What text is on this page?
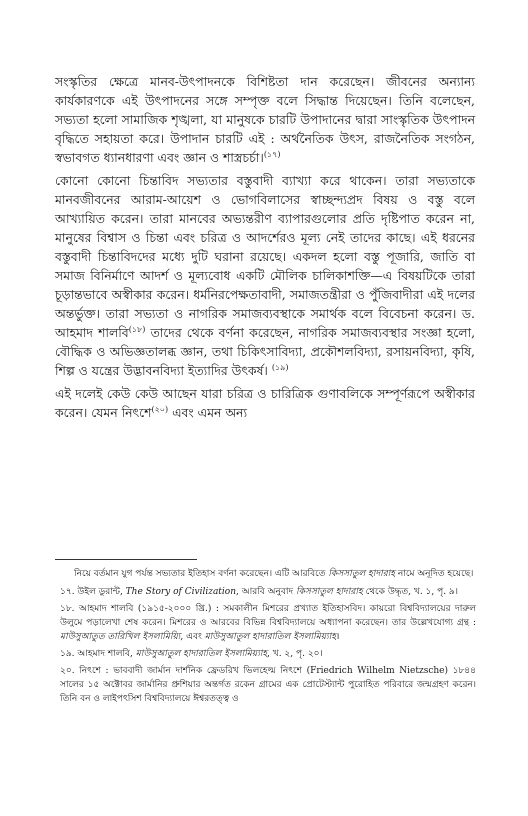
সংস্কৃতির ক্ষেত্রে মানব-উৎপাদনকে বিশিষ্টতা দান করেছেন। জীবনের অন্যান্য কার্যকারণকে এই উৎপাদনের সঙ্গে সম্পৃক্ত বলে সিদ্ধান্ত দিয়েছেন। তিনি বলেছেন, সভ্যতা হলো সামাজিক শৃঙ্খলা, যা মানুষকে চারটি উপাদানের দ্বারা সাংস্কৃতিক উৎপাদন বৃদ্ধিতে সহায়তা করে। উপাদান চারটি এই : অর্থনৈতিক উৎস, রাজনৈতিক সংগঠন, স্বভাবগত ধ্যানধারণা এবং জ্ঞান ও শাস্ত্রচর্চা।$^{(১৭)}$

কোনো কোনো চিন্তাবিদ সভ্যতার বস্তুবাদী ব্যাখ্যা করে থাকেন। তারা সভ্যতাকে মানবজীবনের আরাম-আয়েশ ও ভোগবিলাসের স্বাচ্ছন্দ্যপ্রদ বিষয় ও বস্তু বলে আখ্যায়িত করেন। তারা মানবের অভ্যন্তরীণ ব্যাপারগুলোর প্রতি দৃষ্টিপাত করেন না, মানুষের বিশ্বাস ও চিন্তা এবং চরিত্র ও আদর্শেরও মূল্য নেই তাদের কাছে। এই ধরনের বস্তুবাদী চিন্তাবিদদের মধ্যে দুটি ঘরানা রয়েছে। একদল হলো বস্তু পূজারি, জাতি বা সমাজ বিনির্মাণে আদর্শ ও মূল্যবোধ একটি মৌলিক চালিকাশক্তি—এ বিষয়টিকে তারা চূড়ান্তভাবে অস্বীকার করেন। ধর্মনিরপেক্ষতাবাদী, সমাজতন্ত্রীরা ও পুঁজিবাদীরা এই দলের অন্তর্ভুক্ত। তারা সভ্যতা ও নাগরিক সমাজব্যবস্থাকে সমার্থক বলে বিবেচনা করেন। ড. আহমাদ শালবি$^{(১৮)}$ তাদের থেকে বর্ণনা করেছেন, নাগরিক সমাজব্যবস্থার সংজ্ঞা হলো, বৌদ্ধিক ও অভিজ্ঞতালব্ধ জ্ঞান, তথা চিকিৎসাবিদ্যা, প্রকৌশলবিদ্যা, রসায়নবিদ্যা, কৃষি, শিল্প ও যন্ত্রের উদ্ভাবনবিদ্যা ইত্যাদির উৎকর্ষ। $^{(১৯)}$

এই দলেই কেউ কেউ আছেন যারা চরিত্র ও চারিত্রিক গুণাবলিকে সম্পূর্ণরূপে অস্বীকার করেন। যেমন নিৎশে$^{(২০)}$ এবং এমন অন্য

নিয়ে বর্তমান যুগ পর্যন্ত সভ্যতার ইতিহাস বর্ণনা করেছেন। এটি আরবিতে কিসসাতুল হাদারাহ নামে অনূদিত হয়েছে।

১৭. উইল ডুরান্ট, The Story of Civilization, আরবি অনুবাদ কিসসাতুল হাদারাহ থেকে উদ্ধৃত, খ. ১, পৃ. ৯।

১৮. আহমাদ শালবি (১৯১৫-২০০০ খ্রি.) : সমকালীন মিশরের প্রখ্যাত ইতিহাসবিদ। কায়রো বিশ্ববিদ্যালয়ের দারুল উলুমে পড়ালেখা শেষ করেন। মিশরের ও আরবের বিভিন্ন বিশ্ববিদ্যালয়ে অধ্যাপনা করেছেন। তার উল্লেখযোগ্য গ্রন্থ : মাউসুআতুত তারিখিল ইসলামিয়্যি, এবং মাউসুআতুল হাদারাতিল ইসলামিয়্যাহ।

১৯. আহমাদ শালবি, মাউসুআতুল হাদারাতিল ইসলামিয়্যাহ, খ. ২, পৃ. ২০।

২০. নিৎশে : ভাববাদী জার্মান দার্শনিক ফ্রেডরিখ ভিলহেল্ম নিৎশে (Friedrich Wilhelm Nietzsche) ১৮৪৪ সালের ১৫ অক্টোবর জার্মানির প্রুশিয়ার অন্তর্গত রকেন গ্রামের এক প্রোটেস্ট্যান্ট পুরোহিত পরিবারে জন্মগ্রহণ করেন। তিনি বন ও লাইপৎসিশ বিশ্ববিদ্যালয়ে ঈশ্বরতত্ত্ব ও
